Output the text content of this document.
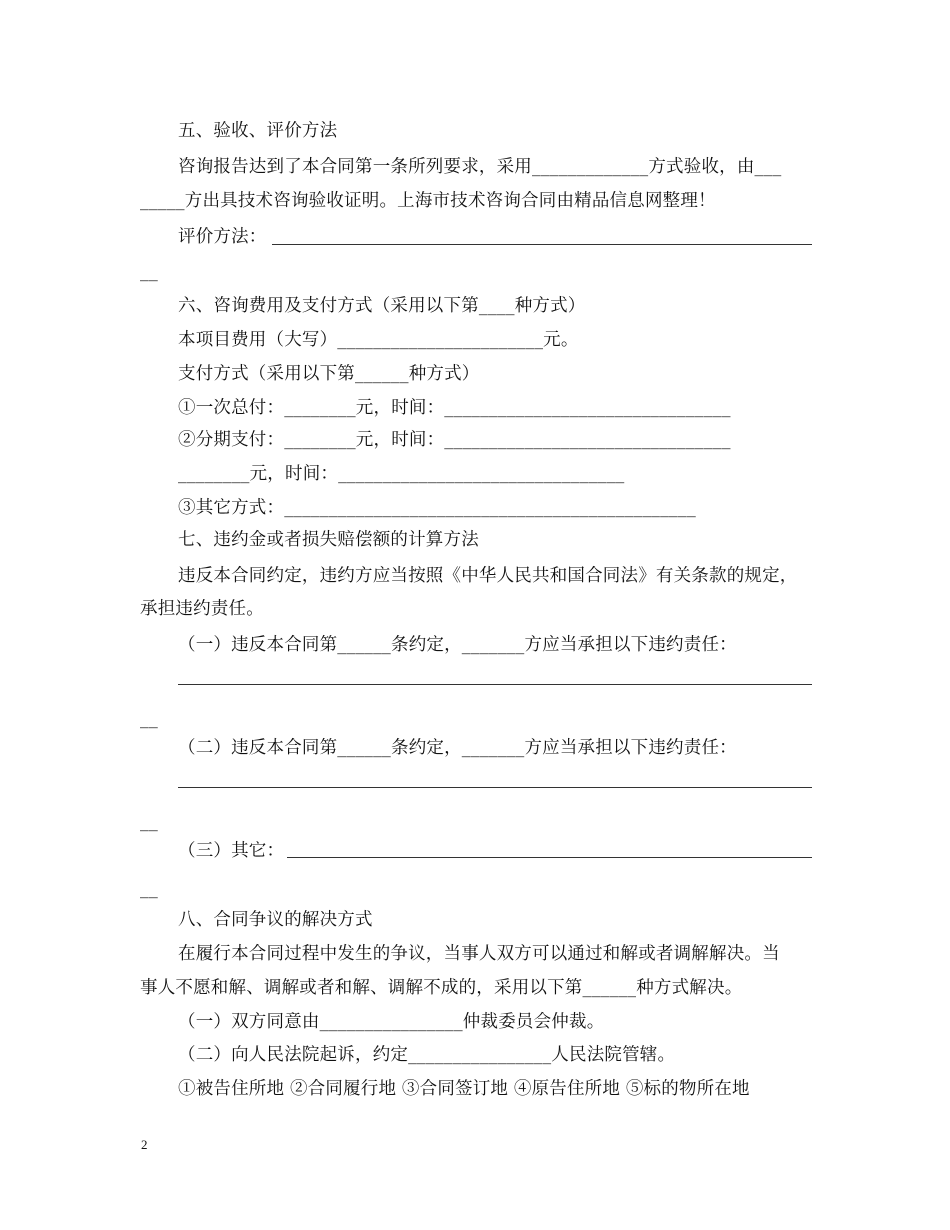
五、验收、评价方法
咨询报告达到了本合同第一条所列要求，采用_____________方式验收，由___
_____方出具技术咨询验收证明。上海市技术咨询合同由精品信息网整理！
评价方法：
__
六、咨询费用及支付方式（采用以下第____种方式）
本项目费用（大写）_______________________元。
支付方式（采用以下第______种方式）
①一次总付：________元，时间：________________________________
②分期支付：________元，时间：________________________________
________元，时间：________________________________
③其它方式：______________________________________________
七、违约金或者损失赔偿额的计算方法
违反本合同约定，违约方应当按照《中华人民共和国合同法》有关条款的规定，
承担违约责任。
（一）违反本合同第______条约定，_______方应当承担以下违约责任：
__
（二）违反本合同第______条约定，_______方应当承担以下违约责任：
__
（三）其它：
__
八、合同争议的解决方式
在履行本合同过程中发生的争议，当事人双方可以通过和解或者调解解决。当
事人不愿和解、调解或者和解、调解不成的，采用以下第______种方式解决。
（一）双方同意由________________仲裁委员会仲裁。
（二）向人民法院起诉，约定________________人民法院管辖。
①被告住所地 ②合同履行地 ③合同签订地 ④原告住所地 ⑤标的物所在地
2
